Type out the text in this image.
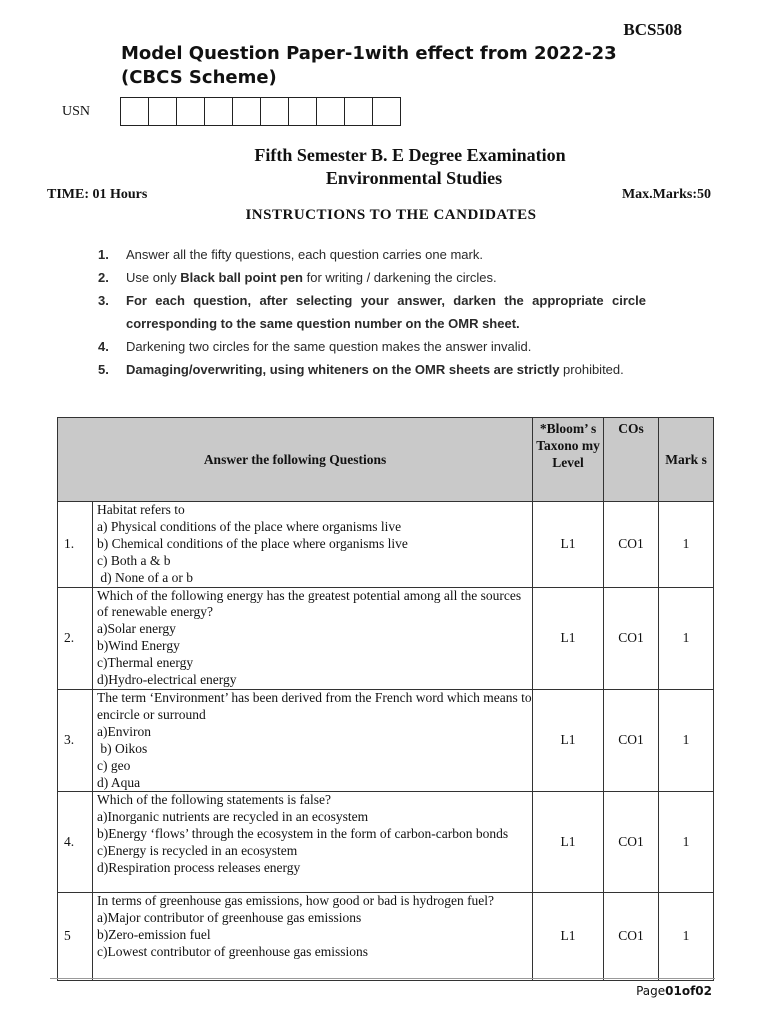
BCS508
Model Question Paper-1with effect from 2022-23 (CBCS Scheme)
USN
Fifth Semester B. E Degree Examination
Environmental Studies
TIME: 01 Hours	Max.Marks:50
INSTRUCTIONS TO THE CANDIDATES
1.	Answer all the fifty questions, each question carries one mark.
2.	Use only Black ball point pen for writing / darkening the circles.
3.	For each question, after selecting your answer, darken the appropriate circle corresponding to the same question number on the OMR sheet.
4.	Darkening two circles for the same question makes the answer invalid.
5.	Damaging/overwriting, using whiteners on the OMR sheets are strictly prohibited.
Answer the following Questions		*Bloom’ s Taxono my Level	COs	Mark s
1.	Habitat refers to
a) Physical conditions of the place where organisms live
b) Chemical conditions of the place where organisms live
c) Both a & b
d) None of a or b	L1	CO1	1
2.	Which of the following energy has the greatest potential among all the sources of renewable energy?
a)Solar energy
b)Wind Energy
c)Thermal energy
d)Hydro-electrical energy	L1	CO1	1
3.	The term ‘Environment’ has been derived from the French word which means to encircle or surround
a)Environ
b) Oikos
c) geo
d) Aqua	L1	CO1	1
4.	Which of the following statements is false?
a)Inorganic nutrients are recycled in an ecosystem
b)Energy ‘flows’ through the ecosystem in the form of carbon-carbon bonds
c)Energy is recycled in an ecosystem
d)Respiration process releases energy	L1	CO1	1
5	In terms of greenhouse gas emissions, how good or bad is hydrogen fuel?
a)Major contributor of greenhouse gas emissions
b)Zero-emission fuel
c)Lowest contributor of greenhouse gas emissions	L1	CO1	1
Page01of02
